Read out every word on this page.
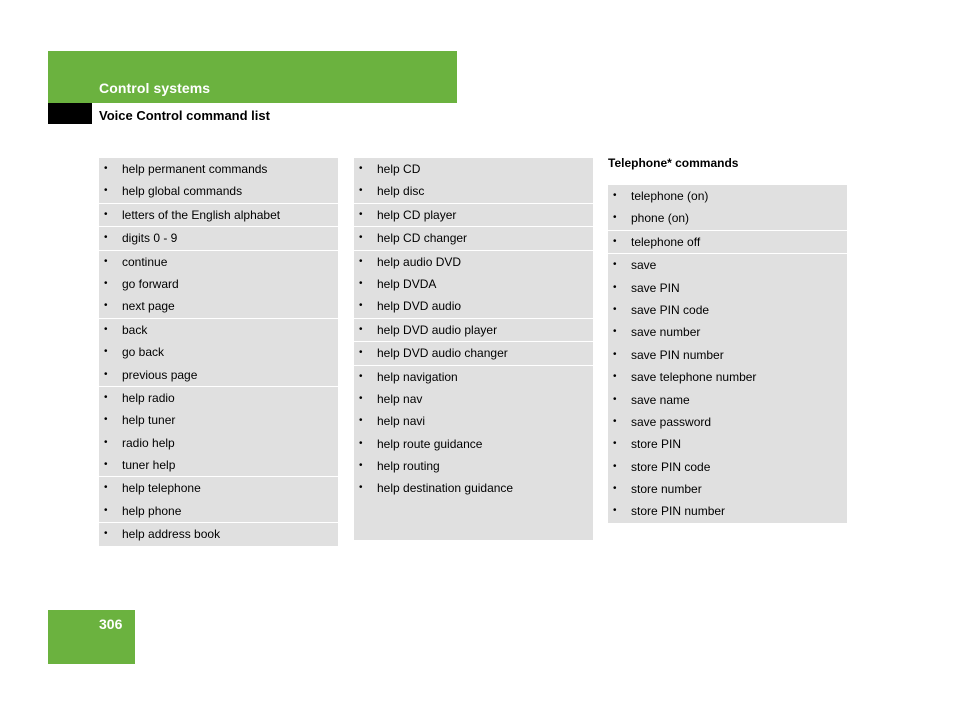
Control systems
Voice Control command list
• help permanent commands
• help global commands
• letters of the English alphabet
• digits 0 - 9
• continue
• go forward
• next page
• back
• go back
• previous page
• help radio
• help tuner
• radio help
• tuner help
• help telephone
• help phone
• help address book
• help CD
• help disc
• help CD player
• help CD changer
• help audio DVD
• help DVDA
• help DVD audio
• help DVD audio player
• help DVD audio changer
• help navigation
• help nav
• help navi
• help route guidance
• help routing
• help destination guidance
Telephone* commands
• telephone (on)
• phone (on)
• telephone off
• save
• save PIN
• save PIN code
• save number
• save PIN number
• save telephone number
• save name
• save password
• store PIN
• store PIN code
• store number
• store PIN number
306
